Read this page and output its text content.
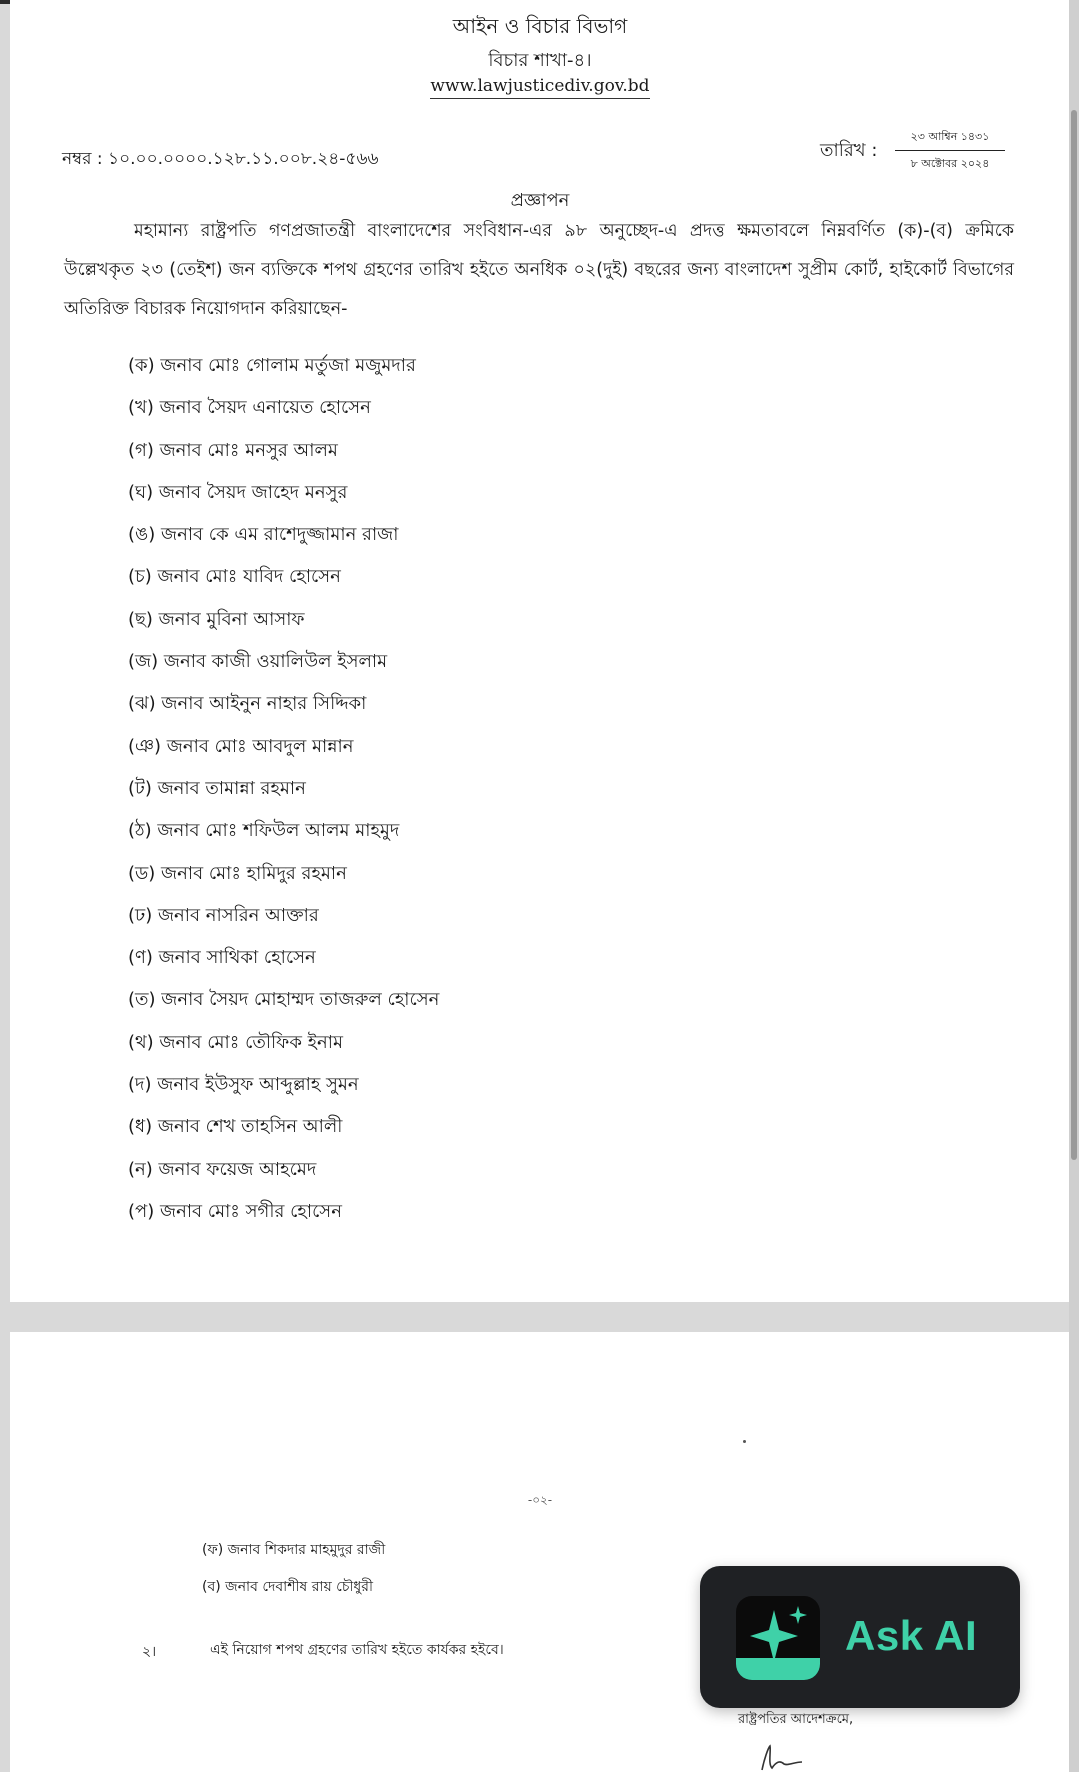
আইন ও বিচার বিভাগ
বিচার শাখা-৪।
www.lawjusticediv.gov.bd
নম্বর : ১০.০০.০০০০.১২৮.১১.০০৮.২৪-৫৬৬	তারিখ :
২৩ আশ্বিন ১৪৩১
৮ অক্টোবর ২০২৪
প্রজ্ঞাপন
মহামান্য রাষ্ট্রপতি গণপ্রজাতন্ত্রী বাংলাদেশের সংবিধান-এর ৯৮ অনুচ্ছেদ-এ প্রদত্ত ক্ষমতাবলে নিম্নবর্ণিত (ক)-(ব) ক্রমিকে উল্লেখকৃত ২৩ (তেইশ) জন ব্যক্তিকে শপথ গ্রহণের তারিখ হইতে অনধিক ০২(দুই) বছরের জন্য বাংলাদেশ সুপ্রীম কোর্ট, হাইকোর্ট বিভাগের অতিরিক্ত বিচারক নিয়োগদান করিয়াছেন-
(ক) জনাব মোঃ গোলাম মর্তুজা মজুমদার
(খ) জনাব সৈয়দ এনায়েত হোসেন
(গ) জনাব মোঃ মনসুর আলম
(ঘ) জনাব সৈয়দ জাহেদ মনসুর
(ঙ) জনাব কে এম রাশেদুজ্জামান রাজা
(চ) জনাব মোঃ যাবিদ হোসেন
(ছ) জনাব মুবিনা আসাফ
(জ) জনাব কাজী ওয়ালিউল ইসলাম
(ঝ) জনাব আইনুন নাহার সিদ্দিকা
(ঞ) জনাব মোঃ আবদুল মান্নান
(ট) জনাব তামান্না রহমান
(ঠ) জনাব মোঃ শফিউল আলম মাহমুদ
(ড) জনাব মোঃ হামিদুর রহমান
(ঢ) জনাব নাসরিন আক্তার
(ণ) জনাব সাথিকা হোসেন
(ত) জনাব সৈয়দ মোহাম্মদ তাজরুল হোসেন
(থ) জনাব মোঃ তৌফিক ইনাম
(দ) জনাব ইউসুফ আব্দুল্লাহ সুমন
(ধ) জনাব শেখ তাহসিন আলী
(ন) জনাব ফয়েজ আহমেদ
(প) জনাব মোঃ সগীর হোসেন
-০২-
(ফ) জনাব শিকদার মাহমুদুর রাজী
(ব) জনাব দেবাশীষ রায় চৌধুরী
২।	এই নিয়োগ শপথ গ্রহণের তারিখ হইতে কার্যকর হইবে।
রাষ্ট্রপতির আদেশক্রমে,
Ask AI
